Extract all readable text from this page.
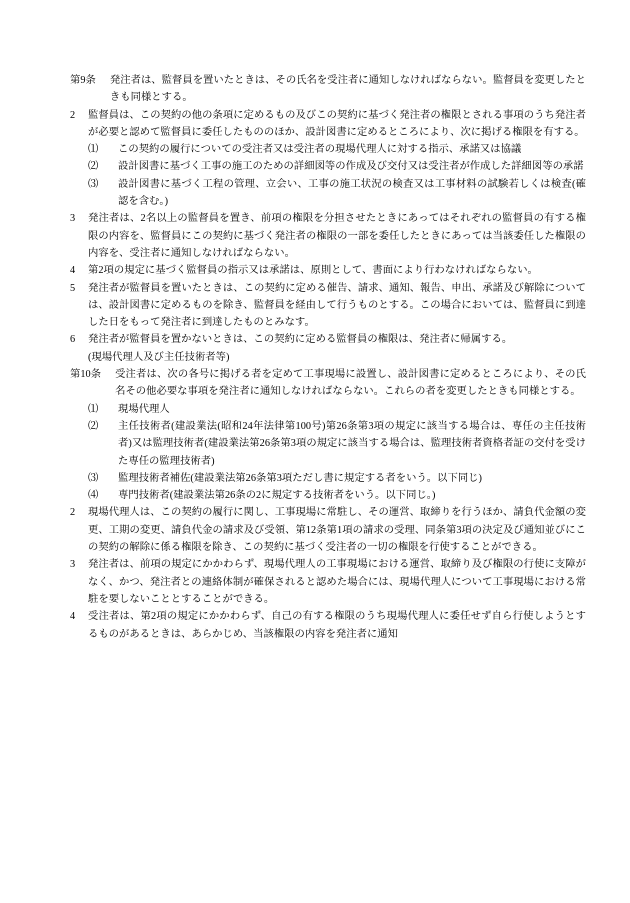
第9条 発注者は、監督員を置いたときは、その氏名を受注者に通知しなければならない。監督員を変更したときも同様とする。
2	監督員は、この契約の他の条項に定めるもの及びこの契約に基づく発注者の権限とされる事項のうち発注者が必要と認めて監督員に委任したもののほか、設計図書に定めるところにより、次に掲げる権限を有する。
⑴	この契約の履行についての受注者又は受注者の現場代理人に対する指示、承諾又は協議
⑵	設計図書に基づく工事の施工のための詳細図等の作成及び交付又は受注者が作成した詳細図等の承諾
⑶	設計図書に基づく工程の管理、立会い、工事の施工状況の検査又は工事材料の試験若しくは検査(確認を含む。)
3	発注者は、2名以上の監督員を置き、前項の権限を分担させたときにあってはそれぞれの監督員の有する権限の内容を、監督員にこの契約に基づく発注者の権限の一部を委任したときにあっては当該委任した権限の内容を、受注者に通知しなければならない。
4	第2項の規定に基づく監督員の指示又は承諾は、原則として、書面により行わなければならない。
5	発注者が監督員を置いたときは、この契約に定める催告、請求、通知、報告、申出、承諾及び解除については、設計図書に定めるものを除き、監督員を経由して行うものとする。この場合においては、監督員に到達した日をもって発注者に到達したものとみなす。
6	発注者が監督員を置かないときは、この契約に定める監督員の権限は、発注者に帰属する。
(現場代理人及び主任技術者等)
第10条 受注者は、次の各号に掲げる者を定めて工事現場に設置し、設計図書に定めるところにより、その氏名その他必要な事項を発注者に通知しなければならない。これらの者を変更したときも同様とする。
⑴	現場代理人
⑵	主任技術者(建設業法(昭和24年法律第100号)第26条第3項の規定に該当する場合は、専任の主任技術者)又は監理技術者(建設業法第26条第3項の規定に該当する場合は、監理技術者資格者証の交付を受けた専任の監理技術者)
⑶	監理技術者補佐(建設業法第26条第3項ただし書に規定する者をいう。以下同じ)
⑷	専門技術者(建設業法第26条の2に規定する技術者をいう。以下同じ。)
2	現場代理人は、この契約の履行に関し、工事現場に常駐し、その運営、取締りを行うほか、請負代金額の変更、工期の変更、請負代金の請求及び受領、第12条第1項の請求の受理、同条第3項の決定及び通知並びにこの契約の解除に係る権限を除き、この契約に基づく受注者の一切の権限を行使することができる。
3	発注者は、前項の規定にかかわらず、現場代理人の工事現場における運営、取締り及び権限の行使に支障がなく、かつ、発注者との連絡体制が確保されると認めた場合には、現場代理人について工事現場における常駐を要しないこととすることができる。
4	受注者は、第2項の規定にかかわらず、自己の有する権限のうち現場代理人に委任せず自ら行使しようとするものがあるときは、あらかじめ、当該権限の内容を発注者に通知
